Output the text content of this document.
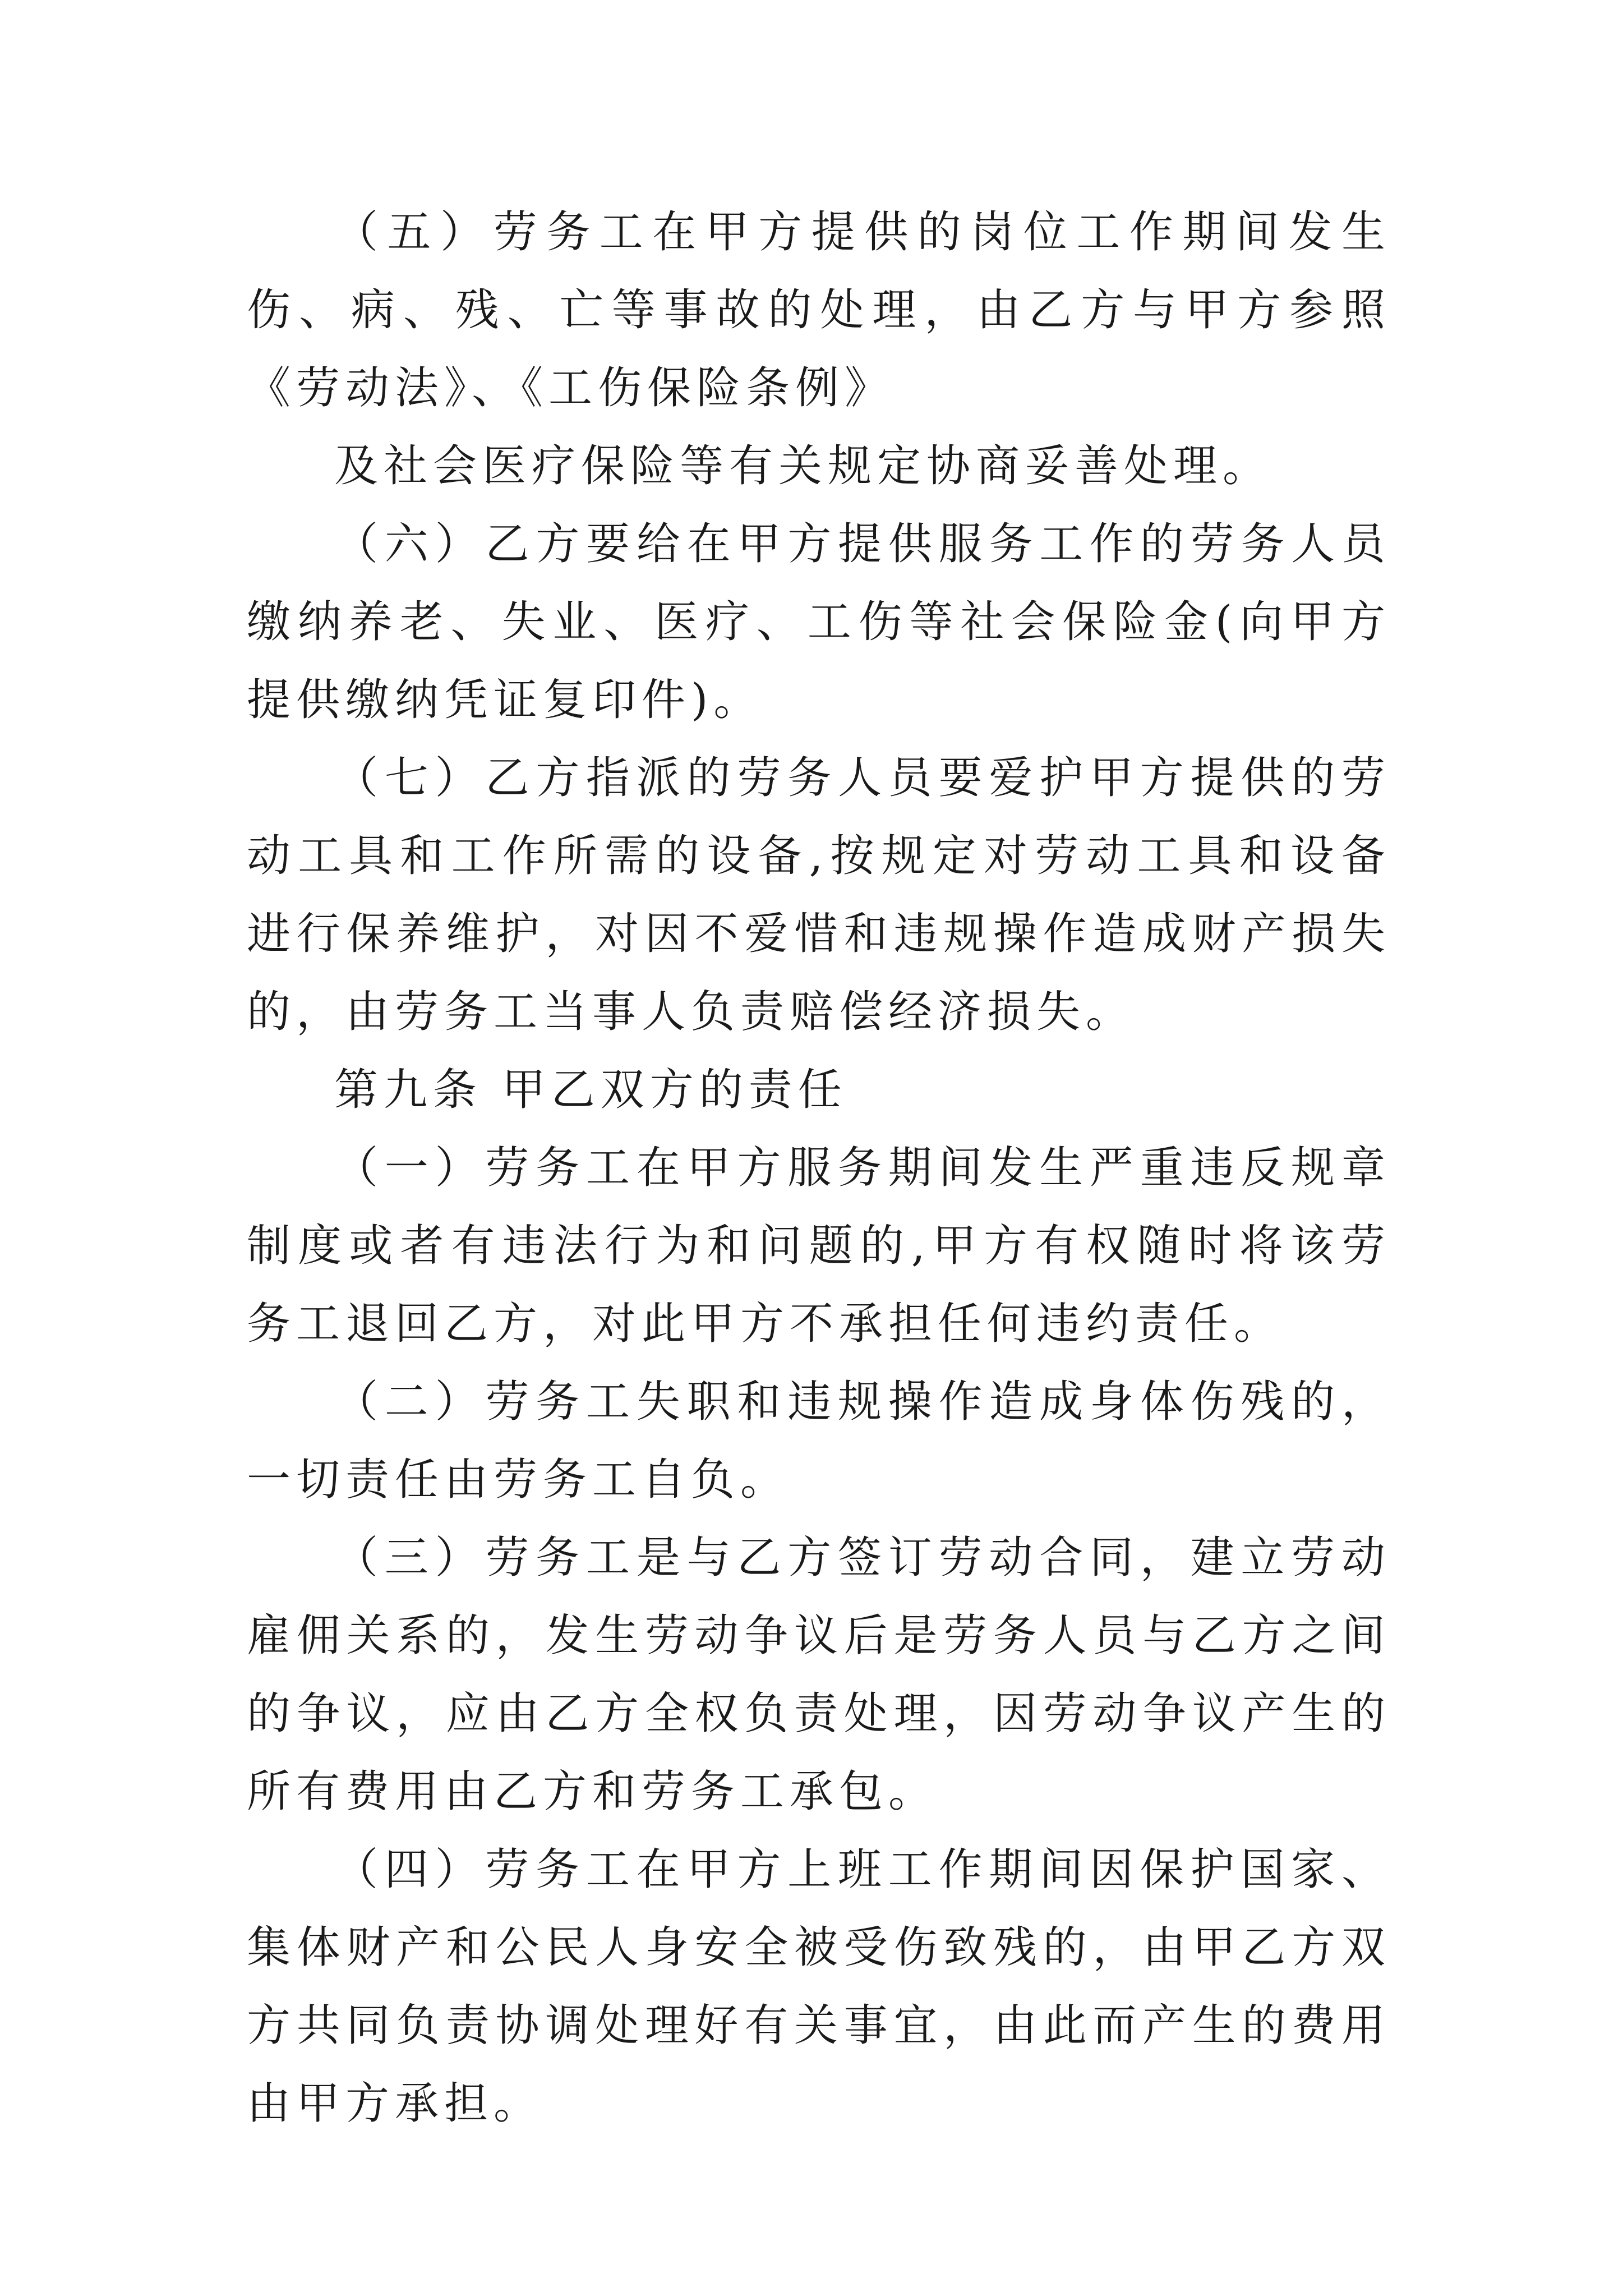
（五）劳务工在甲方提供的岗位工作期间发生伤、病、残、亡等事故的处理，由乙方与甲方参照《劳动法》、《工伤保险条例》

及社会医疗保险等有关规定协商妥善处理。

（六）乙方要给在甲方提供服务工作的劳务人员缴纳养老、失业、医疗、工伤等社会保险金(向甲方提供缴纳凭证复印件)。

（七）乙方指派的劳务人员要爱护甲方提供的劳动工具和工作所需的设备,按规定对劳动工具和设备进行保养维护，对因不爱惜和违规操作造成财产损失的，由劳务工当事人负责赔偿经济损失。

第九条 甲乙双方的责任

（一）劳务工在甲方服务期间发生严重违反规章制度或者有违法行为和问题的,甲方有权随时将该劳务工退回乙方，对此甲方不承担任何违约责任。

（二）劳务工失职和违规操作造成身体伤残的，一切责任由劳务工自负。

（三）劳务工是与乙方签订劳动合同，建立劳动雇佣关系的，发生劳动争议后是劳务人员与乙方之间的争议，应由乙方全权负责处理，因劳动争议产生的所有费用由乙方和劳务工承包。

（四）劳务工在甲方上班工作期间因保护国家、集体财产和公民人身安全被受伤致残的，由甲乙方双方共同负责协调处理好有关事宜，由此而产生的费用由甲方承担。
